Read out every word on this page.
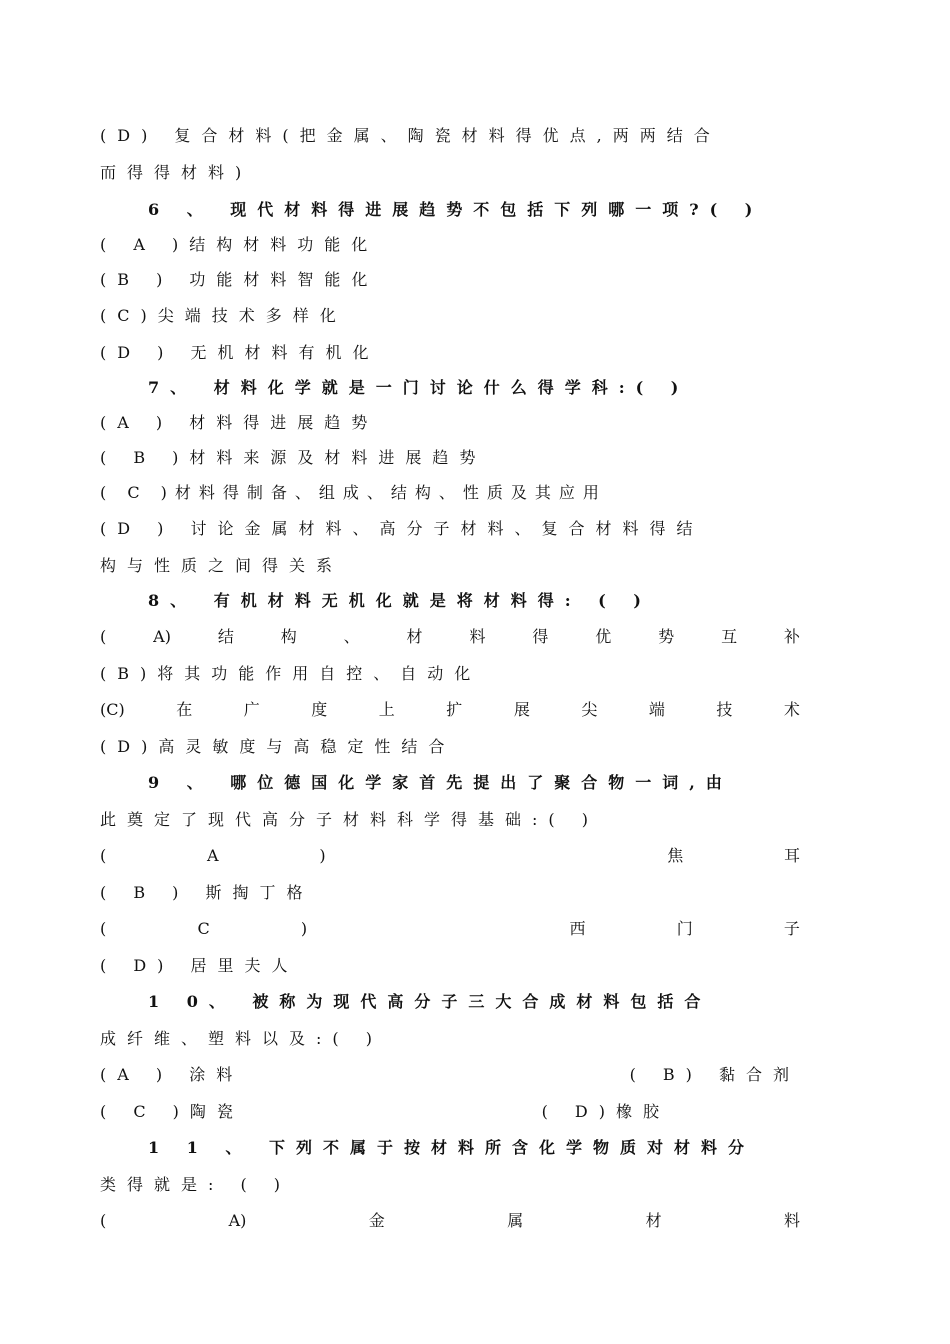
(D) 复合材料(把金属、陶瓷材料得优点,两两结合
而得得材料)
6 、 现代材料得进展趋势不包括下列哪一项?( )
( A )结构材料功能化
(B ) 功能材料智能化
(C)尖端技术多样化
(D ) 无机材料有机化
7、 材料化学就是一门讨论什么得学科:( )
(A ) 材料得进展趋势
( B )材料来源及材料进展趋势
( C )材料得制备、组成、结构、性质及其应用
(D ) 讨论金属材料、高分子材料、复合材料得结
构与性质之间得关系
8、 有机材料无机化就是将材料得: ( )
(	A)	结	构	、	材	料	得	优	势	互	补
(B)将其功能作用自控、自动化
(C)	在	广	度	上	扩	展	尖	端	技	术
(D)高灵敏度与高稳定性结合
9 、 哪位德国化学家首先提出了聚合物一词,由
此奠定了现代高分子材料科学得基础:( )
(	A	)	焦	耳
( B ) 斯掏丁格
(	C	)	西	门	子
( D) 居里夫人
1 0、 被称为现代高分子三大合成材料包括合
成纤维、塑料以及:( )
(A ) 涂料	( B) 黏合剂
( C )陶瓷	( D)橡胶
1 1 、 下列不属于按材料所含化学物质对材料分
类得就是: ( )
(	A)	金	属	材	料
